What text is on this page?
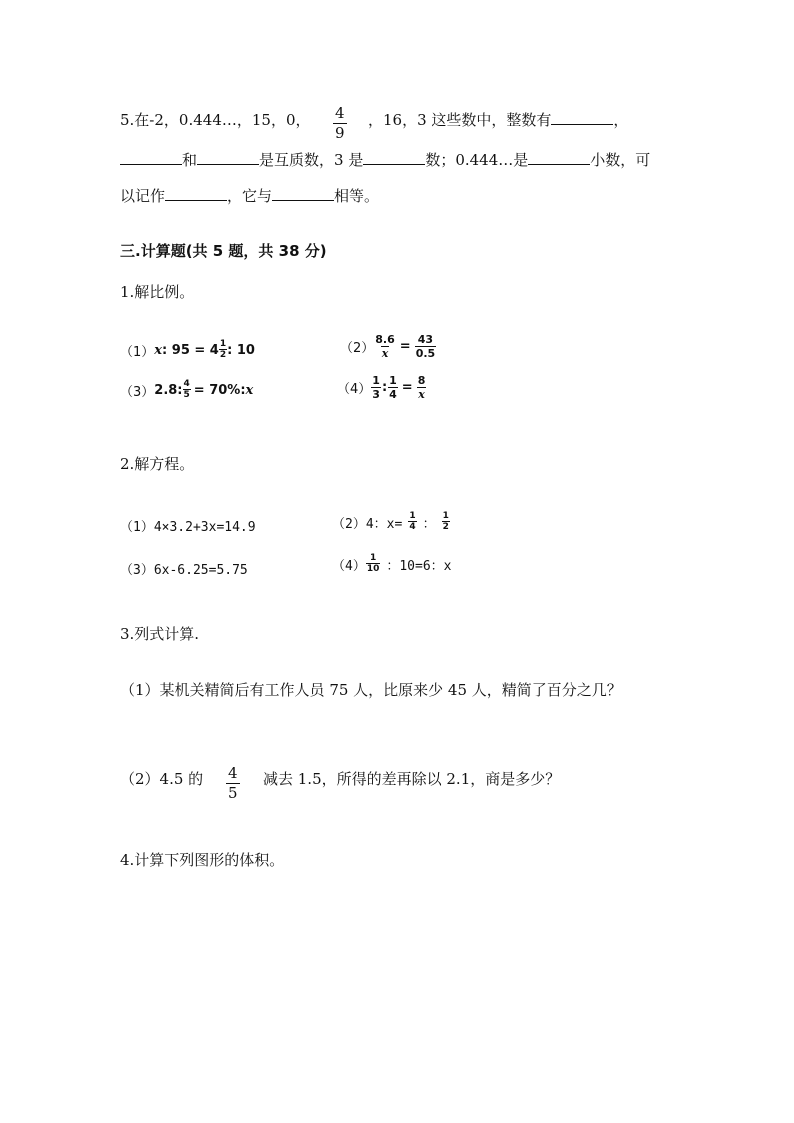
5.在-2，0.444…，15，0， $\frac{4}{9}$ ，16，3 这些数中，整数有	，
和	是互质数，3 是	数；0.444…是	小数，可
以记作	，它与	相等。
三.计算题(共 5 题，共 38 分)
1.解比例。
（1） x : $95 = 4 \frac{1}{2}$ : 10	$(2) \frac{8.6}{x} = \frac{43}{0.5}$
（3） 2.8: $\frac{4}{5} = 70\%$: x	$(4) \frac{1}{3}$ : $\frac{1}{4} = \frac{8}{x}$
2.解方程。
（1）4×3.2+3x=14.9	（2）4：$x= \frac{1}{4}$ ： $\frac{1}{2}$
（3）6x-6.25=5.75	$(4) \frac{1}{10}$ ：10=6：x
3.列式计算.
（1）某机关精简后有工作人员 75 人，比原来少 45 人，精简了百分之几？
（2）4.5 的 $\frac{4}{5}$ 减去 1.5，所得的差再除以 2.1，商是多少？
4.计算下列图形的体积。
